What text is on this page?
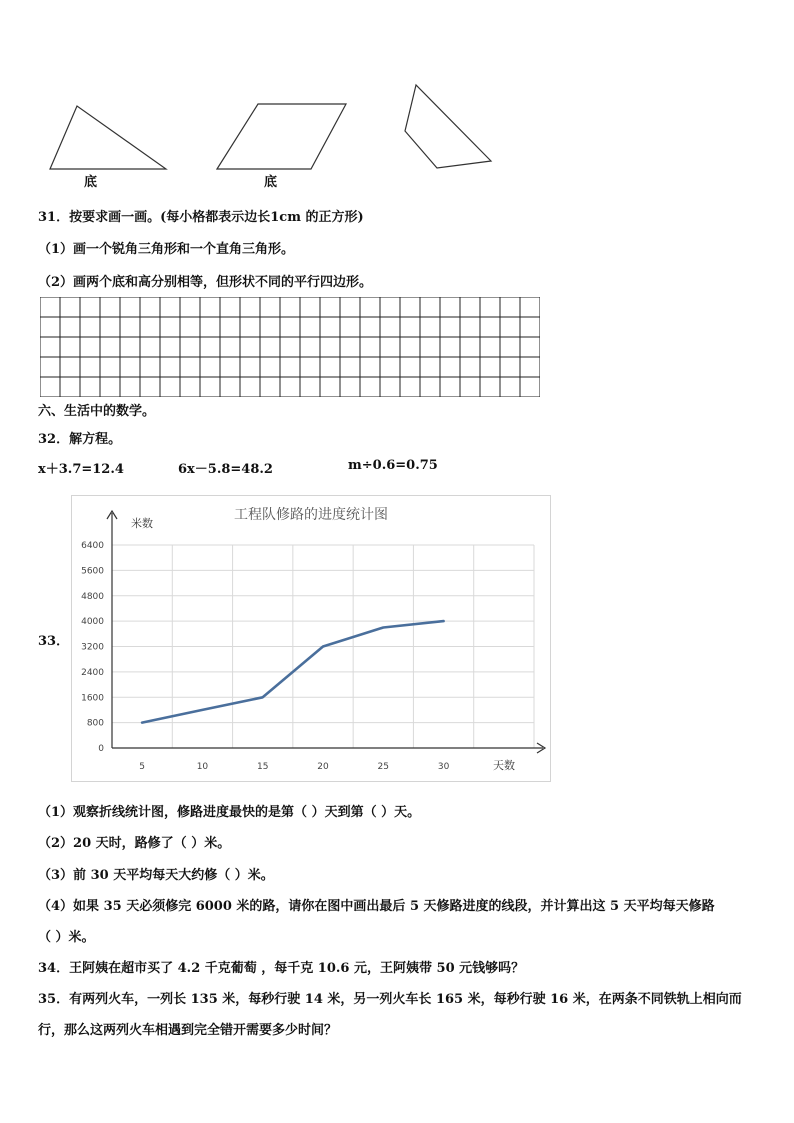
底	底
31．按要求画一画。(每小格都表示边长1cm 的正方形)
（1）画一个锐角三角形和一个直角三角形。
（2）画两个底和高分别相等，但形状不同的平行四边形。
六、生活中的数学。
32．解方程。
x＋3.7=12.4	6x－5.8=48.2	m÷0.6=0.75
33．
工程队修路的进度统计图
米数
天数
0
800
1600
2400
3200
4000
4800
5600
6400
5	10	15	20	25	30
（1）观察折线统计图，修路进度最快的是第（ ）天到第（ ）天。
（2）20 天时，路修了（ ）米。
（3）前 30 天平均每天大约修（ ）米。
（4）如果 35 天必须修完 6000 米的路，请你在图中画出最后 5 天修路进度的线段，并计算出这 5 天平均每天修路
（ ）米。
34．王阿姨在超市买了 4.2 千克葡萄 ，每千克 10.6 元，王阿姨带 50 元钱够吗？
35．有两列火车，一列长 135 米，每秒行驶 14 米，另一列火车长 165 米，每秒行驶 16 米，在两条不同铁轨上相向而
行，那么这两列火车相遇到完全错开需要多少时间？
